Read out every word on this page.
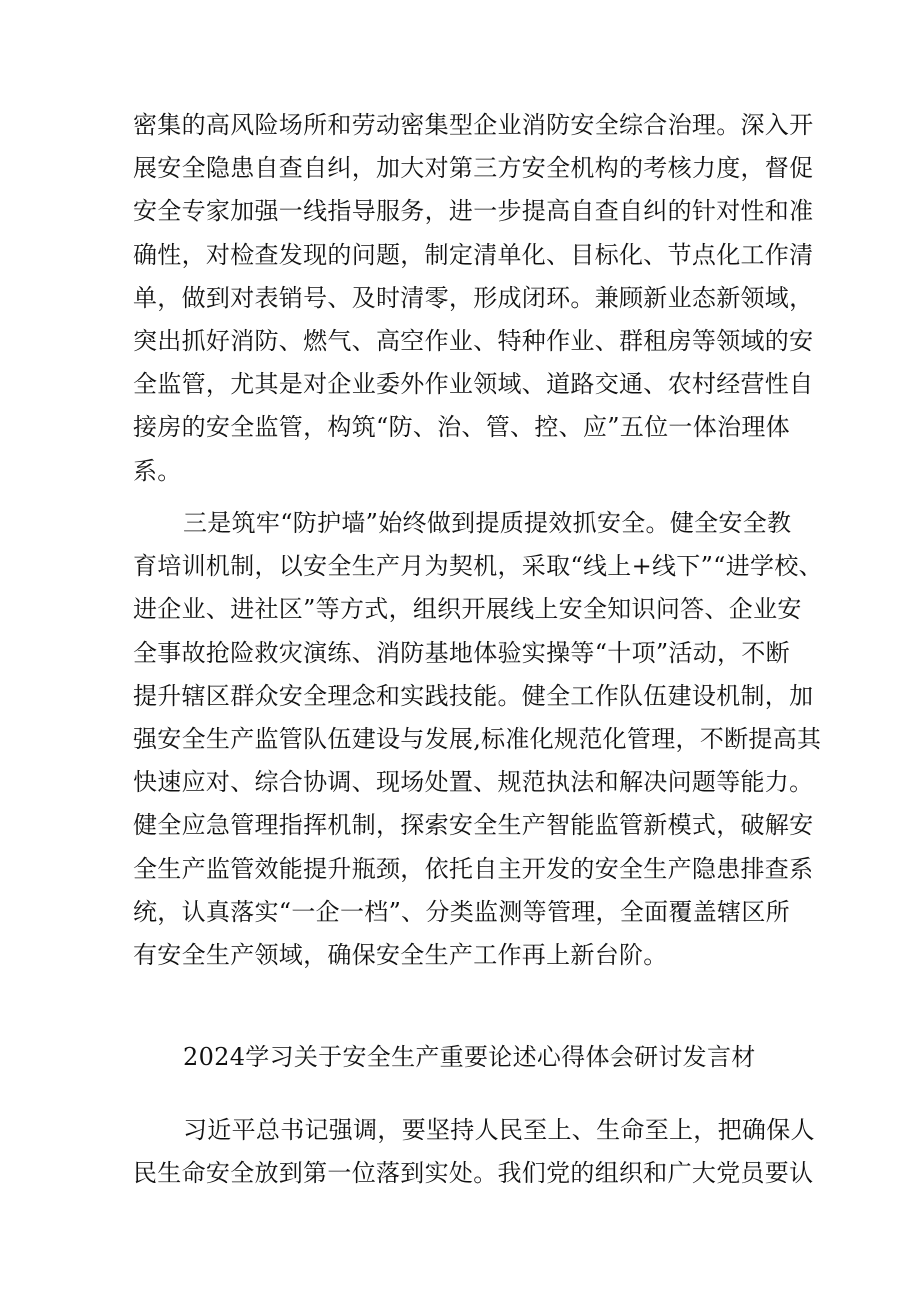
密集的高风险场所和劳动密集型企业消防安全综合治理。深入开
展安全隐患自查自纠，加大对第三方安全机构的考核力度，督促
安全专家加强一线指导服务，进一步提高自查自纠的针对性和准
确性，对检查发现的问题，制定清单化、目标化、节点化工作清
单，做到对表销号、及时清零，形成闭环。兼顾新业态新领域，
突出抓好消防、燃气、高空作业、特种作业、群租房等领域的安
全监管，尤其是对企业委外作业领域、道路交通、农村经营性自
接房的安全监管，构筑“防、治、管、控、应”五位一体治理体
系。
三是筑牢“防护墙”始终做到提质提效抓安全。健全安全教
育培训机制，以安全生产月为契机，采取“线上+线下”“进学校、
进企业、进社区”等方式，组织开展线上安全知识问答、企业安
全事故抢险救灾演练、消防基地体验实操等“十项”活动，不断
提升辖区群众安全理念和实践技能。健全工作队伍建设机制，加
强安全生产监管队伍建设与发展,标准化规范化管理，不断提高其
快速应对、综合协调、现场处置、规范执法和解决问题等能力。
健全应急管理指挥机制，探索安全生产智能监管新模式，破解安
全生产监管效能提升瓶颈，依托自主开发的安全生产隐患排查系
统，认真落实“一企一档”、分类监测等管理，全面覆盖辖区所
有安全生产领域，确保安全生产工作再上新台阶。
2024学习关于安全生产重要论述心得体会研讨发言材
习近平总书记强调，要坚持人民至上、生命至上，把确保人
民生命安全放到第一位落到实处。我们党的组织和广大党员要认
